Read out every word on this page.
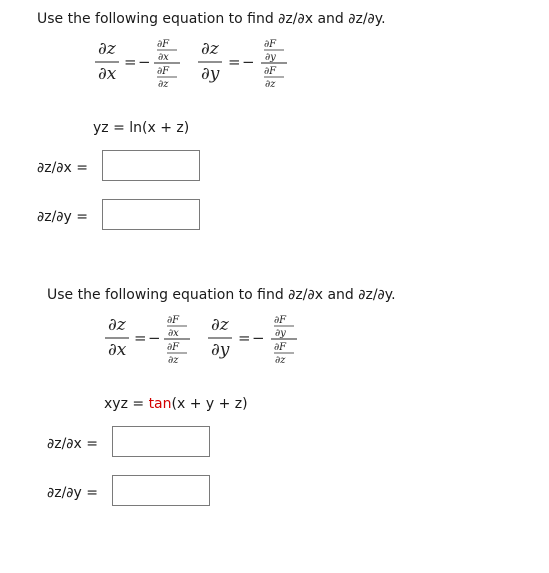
Use the following equation to find ∂z/∂x and ∂z/∂y.
∂z
∂x
= −
∂F
∂x
∂F
∂z
∂z
∂y
= −
∂F
∂y
∂F
∂z
yz = ln(x + z)
∂z/∂x =
∂z/∂y =
Use the following equation to find ∂z/∂x and ∂z/∂y.
∂z
∂x
= −
∂F
∂x
∂F
∂z
∂z
∂y
= −
∂F
∂y
∂F
∂z
xyz = tan(x + y + z)
∂z/∂x =
∂z/∂y =
